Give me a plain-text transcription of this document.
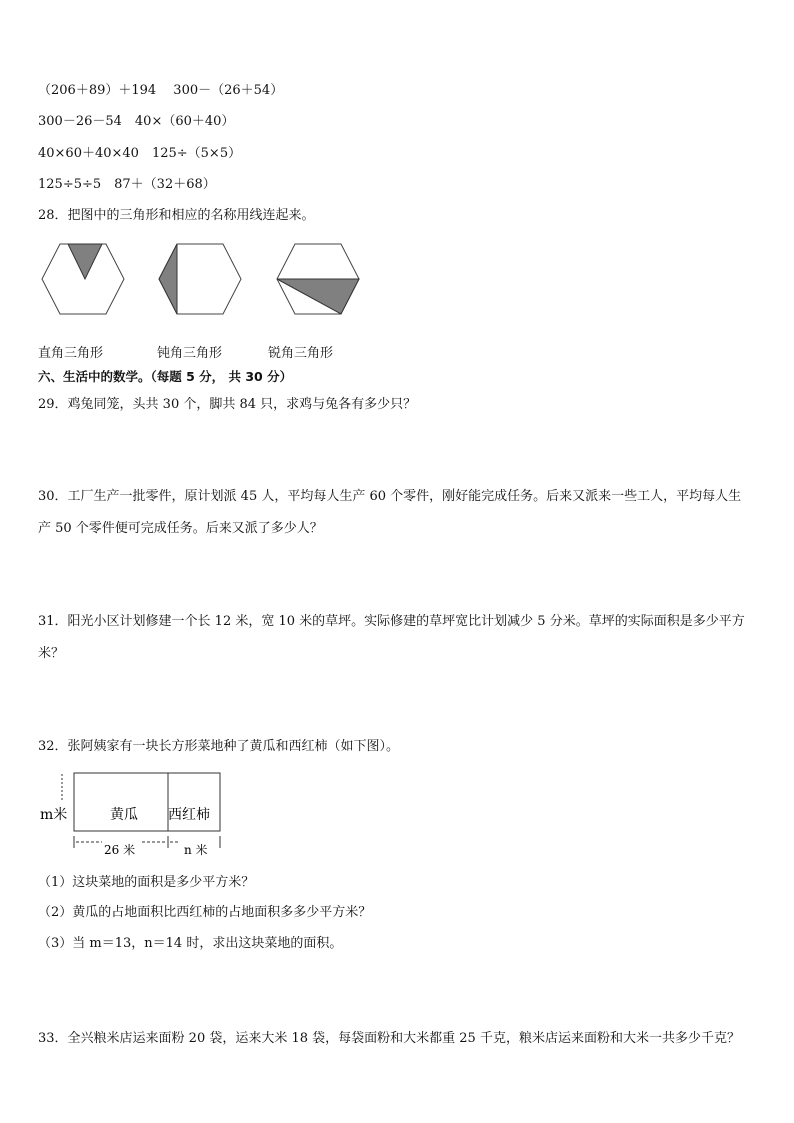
（206＋89）＋194　 300－（26＋54）
300－26－54　40×（60＋40）
40×60＋40×40　125÷（5×5）
125÷5÷5　87＋（32＋68）
28．把图中的三角形和相应的名称用线连起来。
直角三角形	钝角三角形	锐角三角形
六、生活中的数学。（每题 5 分， 共 30 分）
29．鸡兔同笼，头共 30 个，脚共 84 只，求鸡与兔各有多少只？
30．工厂生产一批零件，原计划派 45 人，平均每人生产 60 个零件，刚好能完成任务。后来又派来一些工人，平均每人生产 50 个零件便可完成任务。后来又派了多少人？
31．阳光小区计划修建一个长 12 米，宽 10 米的草坪。实际修建的草坪宽比计划减少 5 分米。草坪的实际面积是多少平方米？
32．张阿姨家有一块长方形菜地种了黄瓜和西红柿（如下图）。
m米	黄瓜 西红柿
26 米	n 米
（1）这块菜地的面积是多少平方米？
（2）黄瓜的占地面积比西红柿的占地面积多多少平方米？
（3）当 m＝13，n＝14 时，求出这块菜地的面积。
33．全兴粮米店运来面粉 20 袋，运来大米 18 袋，每袋面粉和大米都重 25 千克，粮米店运来面粉和大米一共多少千克？
